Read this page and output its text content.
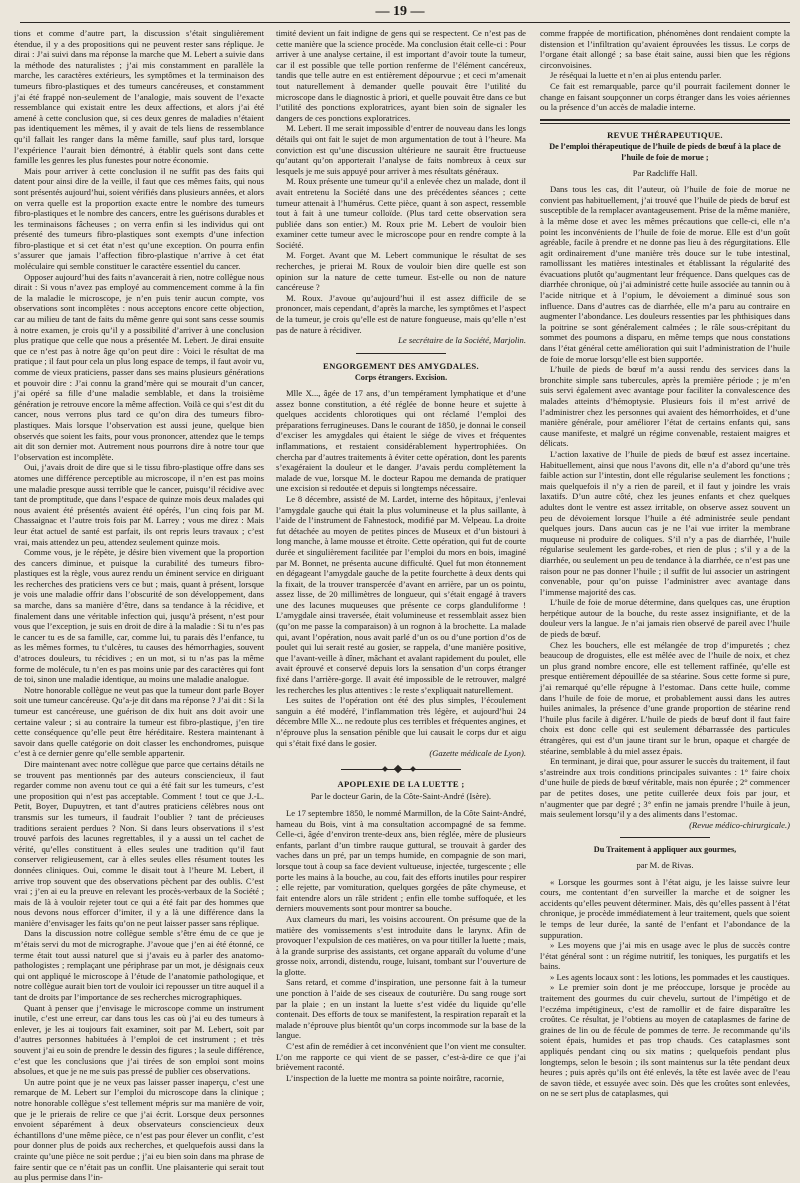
— 19 —

tions et comme d’autre part, la discussion s’était singulièrement étendue, il y a des propositions qui ne peuvent rester sans réplique. Je dirai : J’ai suivi dans ma réponse la marche que M. Lebert a suivie dans la méthode des naturalistes ; j’ai mis constamment en parallèle la marche, les caractères extérieurs, les symptômes et la terminaison des tumeurs fibro-plastiques et des tumeurs cancéreuses, et constamment j’ai été frappé non-seulement de l’analogie, mais souvent de l’exacte ressemblance qui existait entre les deux affections, et alors j’ai été amené à cette conclusion que, si ces deux genres de maladies n’étaient pas identiquement les mêmes, il y avait de tels liens de ressemblance qu’il fallait les ranger dans la même famille, sauf plus tard, lorsque l’expérience l’aurait bien démontré, à établir quels sont dans cette famille les genres les plus funestes pour notre économie.

Mais pour arriver à cette conclusion il ne suffit pas des faits qui datent pour ainsi dire de la veille, il faut que ces mêmes faits, qui nous sont présentés aujourd’hui, soient vérifiés dans plusieurs années, et alors on verra quelle est la proportion exacte entre le nombre des tumeurs fibro-plastiques et le nombre des cancers, entre les guérisons durables et les terminaisons fâcheuses ; on verra enfin si les individus qui ont présenté des tumeurs fibro-plastiques sont exempts d’une infection fibro-plastique et si cet état n’est qu’une exception. On pourra enfin s’assurer que jamais l’affection fibro-plastique n’arrive à cet état moléculaire qui semble constituer le caractère essentiel du cancer.

Opposer aujourd’hui des faits n’avancerait à rien, notre collègue nous dirait : Si vous n’avez pas employé au commencement comme à la fin de la maladie le microscope, je n’en puis tenir aucun compte, vos observations sont incomplètes : nous acceptons encore cette objection, car au milieu de tant de faits du même genre qui sont sans cesse soumis à notre examen, je crois qu’il y a possibilité d’arriver à une conclusion plus pratique que celle que nous a présentée M. Lebert. Je dirai ensuite que ce n’est pas à notre âge qu’on peut dire : Voici le résultat de ma pratique ; il faut pour cela un plus long espace de temps, il faut avoir vu, comme de vieux praticiens, passer dans ses mains plusieurs générations et pouvoir dire : J’ai connu la grand’mère qui se mourait d’un cancer, j’ai opéré sa fille d’une maladie semblable, et dans la troisième génération je retrouve encore la même affection. Voilà ce qui s’est dit du cancer, nous verrons plus tard ce qu’on dira des tumeurs fibro-plastiques. Mais lorsque l’observation est aussi jeune, quelque bien observés que soient les faits, pour vous prononcer, attendez que le temps ait dit son dernier mot. Autrement nous pourrons dire à notre tour que l’observation est incomplète.

Oui, j’avais droit de dire que si le tissu fibro-plastique offre dans ses atomes une différence perceptible au microscope, il n’en est pas moins une maladie presque aussi terrible que le cancer, puisqu’il récidive avec tant de promptitude, que dans l’espace de quinze mois deux malades qui nous avaient été présentés avaient été opérés, l’un cinq fois par M. Chassaignac et l’autre trois fois par M. Larrey ; vous me direz : Mais leur état actuel de santé est parfait, ils ont repris leurs travaux ; c’est vrai, mais attendez un peu, attendez seulement quinze mois.

Comme vous, je le répète, je désire bien vivement que la proportion des cancers diminue, et puisque la curabilité des tumeurs fibro-plastiques est la règle, vous aurez rendu un éminent service en diriguant les recherches des praticiens vers ce but ; mais, quant à présent, lorsque je vois une maladie offrir dans l’obscurité de son développement, dans sa marche, dans sa manière d’être, dans sa tendance à la récidive, et finalement dans une véritable infection qui, jusqu’à présent, n’est pour vous que l’exception, je suis en droit de dire à la maladie : Si tu n’es pas le cancer tu es de sa famille, car, comme lui, tu parais dès l’enfance, tu as les mêmes formes, tu t’ulcères, tu causes des hémorrhagies, souvent d’atroces douleurs, tu récidives ; en un mot, si tu n’as pas la même forme de molécule, tu n’en es pas moins unie par des caractères qui font de toi, sinon une maladie identique, au moins une maladie analogue.

Notre honorable collègue ne veut pas que la tumeur dont parle Boyer soit une tumeur cancéreuse. Qu’a-je dit dans ma réponse ? J’ai dit : Si la tumeur est cancéreuse, une guérison de dix huit ans doit avoir une certaine valeur ; si au contraire la tumeur est fibro-plastique, j’en tire cette conséquence qu’elle peut être héréditaire. Restera maintenant à savoir dans quelle catégorie on doit classer les enchondromes, puisque c’est à ce dernier genre qu’elle semble appartenir.

Dire maintenant avec notre collègue que parce que certains détails ne se trouvent pas mentionnés par des auteurs consciencieux, il faut regarder comme non avenu tout ce qui a été fait sur les tumeurs, c’est une proposition qui n’est pas acceptable. Comment ! tout ce que J.-L. Petit, Boyer, Dupuytren, et tant d’autres praticiens célèbres nous ont transmis sur les tumeurs, il faudrait l’oublier ? tant de précieuses traditions seraient perdues ? Non. Si dans leurs observations il s’est trouvé parfois des lacunes regrettables, il y a aussi un tel cachet de vérité, qu’elles constituent à elles seules une tradition qu’il faut conserver religieusement, car à elles seules elles résument toutes les données cliniques. Oui, comme le disait tout à l’heure M. Lebert, il arrive trop souvent que des observations pèchent par des oublis. C’est vrai ; j’en ai eu la preuve en relevant les procès-verbaux de la Société ; mais de là à vouloir rejeter tout ce qui a été fait par des hommes que nous devons nous efforcer d’imiter, il y a là une différence dans la manière d’envisager les faits qu’on ne peut laisser passer sans réplique.

Dans la discussion notre collègue semble s’être ému de ce que je m’étais servi du mot de micrographe. J’avoue que j’en ai été étonné, ce terme était tout aussi naturel que si j’avais eu à parler des anatomo-pathologistes ; remplaçant une périphrase par un mot, je désignais ceux qui ont appliqué le microscope à l’étude de l’anatomie pathologique, et notre collègue aurait bien tort de vouloir ici repousser un titre auquel il a tant de droits par l’importance de ses recherches micrographiques.

Quant à penser que j’envisage le microscope comme un instrument inutile, c’est une erreur, car dans tous les cas où j’ai eu des tumeurs à enlever, je les ai toujours fait examiner, soit par M. Lebert, soit par d’autres personnes habituées à l’emploi de cet instrument ; et très souvent j’ai eu soin de prendre le dessin des figures ; la seule différence, c’est que les conclusions que j’ai tirées de son emploi sont moins absolues, et que je ne me suis pas pressé de publier ces observations.

Un autre point que je ne veux pas laisser passer inaperçu, c’est une remarque de M. Lebert sur l’emploi du microscope dans la clinique ; notre honorable collègue s’est tellement mépris sur ma manière de voir, que je le prierais de relire ce que j’ai écrit. Lorsque deux personnes envoient séparément à deux observateurs consciencieux deux échantillons d’une même pièce, ce n’est pas pour élever un conflit, c’est pour donner plus de poids aux recherches, et quelquefois aussi dans la crainte qu’une pièce ne soit perdue ; j’ai eu bien soin dans ma phrase de faire sentir que ce n’était pas un conflit. Une plaisanterie qui serait tout au plus permise dans l’in-

timité devient un fait indigne de gens qui se respectent. Ce n’est pas de cette manière que la science procède. Ma conclusion était celle-ci : Pour arriver à une analyse certaine, il est important d’avoir toute la tumeur, car il est possible que telle portion renferme de l’élément cancéreux, tandis que telle autre en est entièrement dépourvue ; et ceci m’amenait tout naturellement à demander quelle pouvait être l’utilité du microscope dans le diagnostic à priori, et quelle pouvait être dans ce but l’utilité des ponctions exploratrices, ayant bien soin de signaler les dangers de ces ponctions exploratrices.

M. Lebert. Il me serait impossible d’entrer de nouveau dans les longs détails qui ont fait le sujet de mon argumentation de tout à l’heure. Ma conviction est qu’une discussion ultérieure ne saurait être fructueuse qu’autant qu’on apporterait l’analyse de faits nombreux à ceux sur lesquels je me suis appuyé pour arriver à mes résultats généraux.

M. Roux présente une tumeur qu’il a enlevée chez un malade, dont il avait entretenu la Société dans une des précédentes séances ; cette tumeur attenait à l’humérus. Cette pièce, quant à son aspect, ressemble tout à fait à une tumeur colloïde. (Plus tard cette observation sera publiée dans son entier.) M. Roux prie M. Lebert de vouloir bien examiner cette tumeur avec le microscope pour en rendre compte à la Société.

M. Forget. Avant que M. Lebert communique le résultat de ses recherches, je prierai M. Roux de vouloir bien dire quelle est son opinion sur la nature de cette tumeur. Est-elle ou non de nature cancéreuse ?

M. Roux. J’avoue qu’aujourd’hui il est assez difficile de se prononcer, mais cependant, d’après la marche, les symptômes et l’aspect de la tumeur, je crois qu’elle est de nature fongueuse, mais qu’elle n’est pas de nature à récidiver.

Le secrétaire de la Société, Marjolin.

ENGORGEMENT DES AMYGDALES.
Corps étrangers. Excision.

Mlle X..., âgée de 17 ans, d’un tempérament lymphatique et d’une assez bonne constitution, a été réglée de bonne heure et sujette à quelques accidents chlorotiques qui ont réclamé l’emploi des préparations ferrugineuses. Dans le courant de 1850, je donnai le conseil d’exciser les amygdales qui étaient le siége de vives et fréquentes inflammations, et restaient considérablement hypertrophiées. On chercha par d’autres traitements à éviter cette opération, dont les parents s’exagéraient la douleur et le danger. J’avais perdu complètement la malade de vue, lorsque M. le docteur Rapou me demanda de pratiquer une excision si redoutée et depuis si longtemps nécessaire.

Le 8 décembre, assisté de M. Lardet, interne des hôpitaux, j’enlevai l’amygdale gauche qui était la plus volumineuse et la plus saillante, à l’aide de l’instrument de Fahnestock, modifié par M. Velpeau. La droite fut détachée au moyen de petites pinces de Museux et d’un bistouri à long manche, à lame mousse et étroite. Cette opération, qui fut de courte durée et singulièrement facilitée par l’emploi du mors en bois, imaginé par M. Bonnet, ne présenta aucune difficulté. Quel fut mon étonnement en dégageant l’amygdale gauche de la petite fourchette à deux dents qui la fixait, de la trouver transpercée d’avant en arrière, par un os pointu, assez lisse, de 20 millimètres de longueur, qui s’était engagé à travers une des lacunes muqueuses que présente ce corps glanduliforme ! L’amygdale ainsi traversée, était volumineuse et ressemblait assez bien (qu’on me passe la comparaison) à un rognon à la brochette. La malade qui, avant l’opération, nous avait parlé d’un os ou d’une portion d’os de poulet qui lui serait resté au gosier, se rappela, d’une manière positive, que l’avant-veille à dîner, mâchant et avalant rapidement du poulet, elle avait éprouvé et conservé depuis lors la sensation d’un corps étranger fixé dans l’arrière-gorge. Il avait été impossible de le retrouver, malgré les recherches les plus attentives : le reste s’expliquait naturellement.

Les suites de l’opération ont été des plus simples, l’écoulement sanguin a été modéré, l’inflammation très légère, et aujourd’hui 24 décembre Mlle X... ne redoute plus ces terribles et fréquentes angines, et n’éprouve plus la sensation pénible que lui causait le corps dur et aigu qui s’était fixé dans le gosier.

(Gazette médicale de Lyon).

APOPLEXIE DE LA LUETTE ;
Par le docteur Garin, de la Côte-Saint-André (Isère).

Le 17 septembre 1850, le nommé Marmillon, de la Côte Saint-André, hameau du Bois, vint à ma consultation accompagné de sa femme. Celle-ci, âgée d’environ trente-deux ans, bien réglée, mère de plusieurs enfants, parlant d’un timbre rauque guttural, se trouvait à garder des vaches dans un pré, par un temps humide, en compagnie de son mari, lorsque tout à coup sa face devient vultueuse, injectée, turgescente ; elle porte les mains à la bouche, au cou, fait des efforts inutiles pour respirer ; elle rejette, par vomituration, quelques gorgées de pâte chymeuse, et fait entendre alors un râle strident ; enfin elle tombe suffoquée, et les derniers mouvements sont pour montrer sa bouche.

Aux clameurs du mari, les voisins accourent. On présume que de la matière des vomissements s’est introduite dans le larynx. Afin de provoquer l’expulsion de ces matières, on va pour titiller la luette ; mais, à la grande surprise des assistants, cet organe apparaît du volume d’une grosse noix, arrondi, distendu, rouge, luisant, tombant sur l’ouverture de la glotte.

Sans retard, et comme d’inspiration, une personne fait à la tumeur une ponction à l’aide de ses ciseaux de couturière. Du sang rouge sort par la plaie ; en un instant la luette s’est vidée du liquide qu’elle contenait. Des efforts de toux se manifestent, la respiration reparaît et la malade n’éprouve plus bientôt qu’un corps incommode sur la base de la langue.

C’est afin de remédier à cet inconvénient que l’on vient me consulter. L’on me rapporte ce qui vient de se passer, c’est-à-dire ce que j’ai brièvement raconté.

L’inspection de la luette me montra sa pointe noirâtre, racornie,

comme frappée de mortification, phénomènes dont rendaient compte la distension et l’infiltration qu’avaient éprouvées les tissus. Le corps de l’organe était allongé ; sa base était saine, aussi bien que les régions circonvoisines.

Je réséquai la luette et n’en ai plus entendu parler.

Ce fait est remarquable, parce qu’il pourrait facilement donner le change en faisant soupçonner un corps étranger dans les voies aériennes ou la présence d’un accès de maladie interne.

REVUE THÉRAPEUTIQUE.
De l’emploi thérapeutique de l’huile de pieds de bœuf à la place de l’huile de foie de morue ;
Par Radcliffe Hall.

Dans tous les cas, dit l’auteur, où l’huile de foie de morue ne convient pas habituellement, j’ai trouvé que l’huile de pieds de bœuf est susceptible de la remplacer avantageusement. Prise de la même manière, à la même dose et avec les mêmes précautions que celle-ci, elle n’a point les inconvénients de l’huile de foie de morue. Elle est d’un goût agréable, facile à prendre et ne donne pas lieu à des régurgitations. Elle agit ordinairement d’une manière très douce sur le tube intestinal, ramollissant les matières intestinales et établissant la régularité des évacuations plutôt qu’augmentant leur fréquence. Dans quelques cas de diarrhée chronique, où j’ai administré cette huile associée au tannin ou à l’acide nitrique et à l’opium, le dévoiement a diminué sous son influence. Dans d’autres cas de diarrhée, elle m’a paru au contraire en augmenter l’abondance. Les douleurs ressenties par les phthisiques dans la poitrine se sont généralement calmées ; le râle sous-crépitant du sommet des poumons a disparu, en même temps que nous constations dans l’état général cette amélioration qui suit l’administration de l’huile de foie de morue lorsqu’elle est bien supportée.

L’huile de pieds de bœuf m’a aussi rendu des services dans la bronchite simple sans tubercules, après la première période ; je m’en suis servi également avec avantage pour faciliter la convalescence des malades atteints d’hémoptysie. Plusieurs fois il m’est arrivé de l’administrer chez les personnes qui avaient des hémorrhoïdes, et d’une manière générale, pour améliorer l’état de certains enfants qui, sans cause manifeste, et malgré un régime convenable, restaient maigres et délicats.

L’action laxative de l’huile de pieds de bœuf est assez incertaine. Habituellement, ainsi que nous l’avons dit, elle n’a d’abord qu’une très faible action sur l’intestin, dont elle régularise seulement les fonctions ; mais quelquefois il n’y a rien de pareil, et il faut y joindre les vrais laxatifs. D’un autre côté, chez les jeunes enfants et chez quelques adultes dont le ventre est assez irritable, on observe assez souvent un peu de dévoiement lorsque l’huile a été administrée seule pendant quelques jours. Dans aucun cas je ne l’ai vue irriter la membrane muqueuse ni produire de coliques. S’il n’y a pas de diarrhée, l’huile régularise seulement les garde-robes, et rien de plus ; s’il y a de la diarrhée, ou seulement un peu de tendance à la diarrhée, ce n’est pas une raison pour ne pas donner l’huile ; il suffit de lui associer un astringent convenable, pour qu’on puisse l’administrer avec avantage dans l’immense majorité des cas.

L’huile de foie de morue détermine, dans quelques cas, une éruption herpétique autour de la bouche, du reste assez insignifiante, et de la douleur vers la langue. Je n’ai jamais rien observé de pareil avec l’huile de pieds de bœuf.

Chez les bouchers, elle est mélangée de trop d’impuretés ; chez beaucoup de droguistes, elle est mêlée avec de l’huile de noix, et chez un plus grand nombre encore, elle est tellement raffinée, qu’elle est presque entièrement dépouillée de sa stéarine. Sous cette forme si pure, j’ai remarqué qu’elle répugne à l’estomac. Dans cette huile, comme dans l’huile de foie de morue, et probablement aussi dans les autres huiles animales, la présence d’une grande proportion de stéarine rend l’huile plus facile à digérer. L’huile de pieds de bœuf dont il faut faire choix est donc celle qui est seulement débarrassée des particules étrangères, qui est d’un jaune tirant sur le brun, opaque et chargée de stéarine, semblable à du miel assez épais.

En terminant, je dirai que, pour assurer le succès du traitement, il faut s’astreindre aux trois conditions principales suivantes : 1° faire choix d’une huile de pieds de bœuf véritable, mais non épurée ; 2° commencer par de petites doses, une petite cuillerée deux fois par jour, et n’augmenter que par degré ; 3° enfin ne jamais prendre l’huile à jeun, mais seulement lorsqu’il y a des aliments dans l’estomac.

(Revue médico-chirurgicale.)

Du Traitement à appliquer aux gourmes,
par M. de Rivas.

« Lorsque les gourmes sont à l’état aigu, je les laisse suivre leur cours, me contentant d’en surveiller la marche et de soigner les accidents qu’elles peuvent déterminer. Mais, dès qu’elles passent à l’état chronique, je procède immédiatement à leur traitement, quels que soient le temps de leur durée, la santé de l’enfant et l’abondance de la suppuration.

» Les moyens que j’ai mis en usage avec le plus de succès contre l’état général sont : un régime nutritif, les toniques, les purgatifs et les bains.

» Les agents locaux sont : les lotions, les pommades et les caustiques.

» Le premier soin dont je me préoccupe, lorsque je procède au traitement des gourmes du cuir chevelu, surtout de l’impétigo et de l’eczéma impétigineux, c’est de ramollir et de faire disparaître les croûtes. Ce résultat, je l’obtiens au moyen de cataplasmes de farine de graines de lin ou de fécule de pommes de terre. Je recommande qu’ils soient épais, humides et pas trop chauds. Ces cataplasmes sont appliqués pendant cinq ou six matins ; quelquefois pendant plus longtemps, selon le besoin ; ils sont maintenus sur la tête pendant deux heures ; puis après qu’ils ont été enlevés, la tête est lavée avec de l’eau de savon tiède, et essuyée avec soin. Dès que les croûtes sont enlevées, on ne se sert plus de cataplasmes, qui
